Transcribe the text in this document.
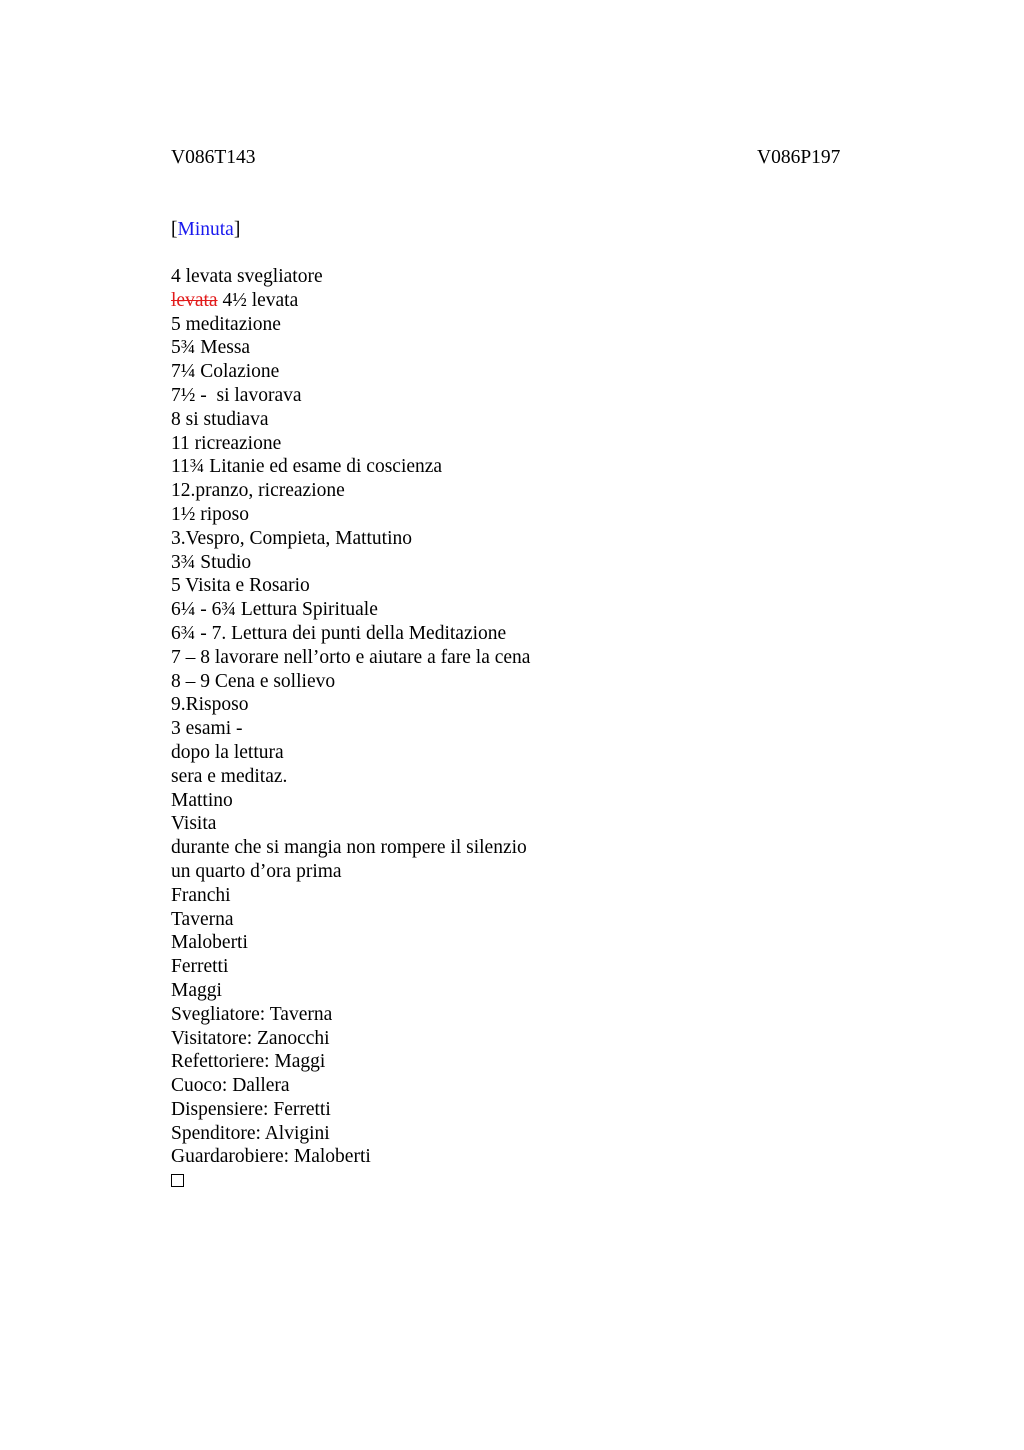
V086T143	V086P197
[Minuta]
4 levata svegliatore
levata 4½ levata
5 meditazione
5¾ Messa
7¼ Colazione
7½ -  si lavorava
8 si studiava
11 ricreazione
11¾ Litanie ed esame di coscienza
12.pranzo, ricreazione
1½ riposo
3.Vespro, Compieta, Mattutino
3¾ Studio
5 Visita e Rosario
6¼ - 6¾ Lettura Spirituale
6¾ - 7. Lettura dei punti della Meditazione
7 – 8 lavorare nell’orto e aiutare a fare la cena
8 – 9 Cena e sollievo
9.Risposo
3 esami -
dopo la lettura
sera e meditaz.
Mattino
Visita
durante che si mangia non rompere il silenzio
un quarto d’ora prima
Franchi
Taverna
Maloberti
Ferretti
Maggi
Svegliatore: Taverna
Visitatore: Zanocchi
Refettoriere: Maggi
Cuoco: Dallera
Dispensiere: Ferretti
Spenditore: Alvigini
Guardarobiere: Maloberti
